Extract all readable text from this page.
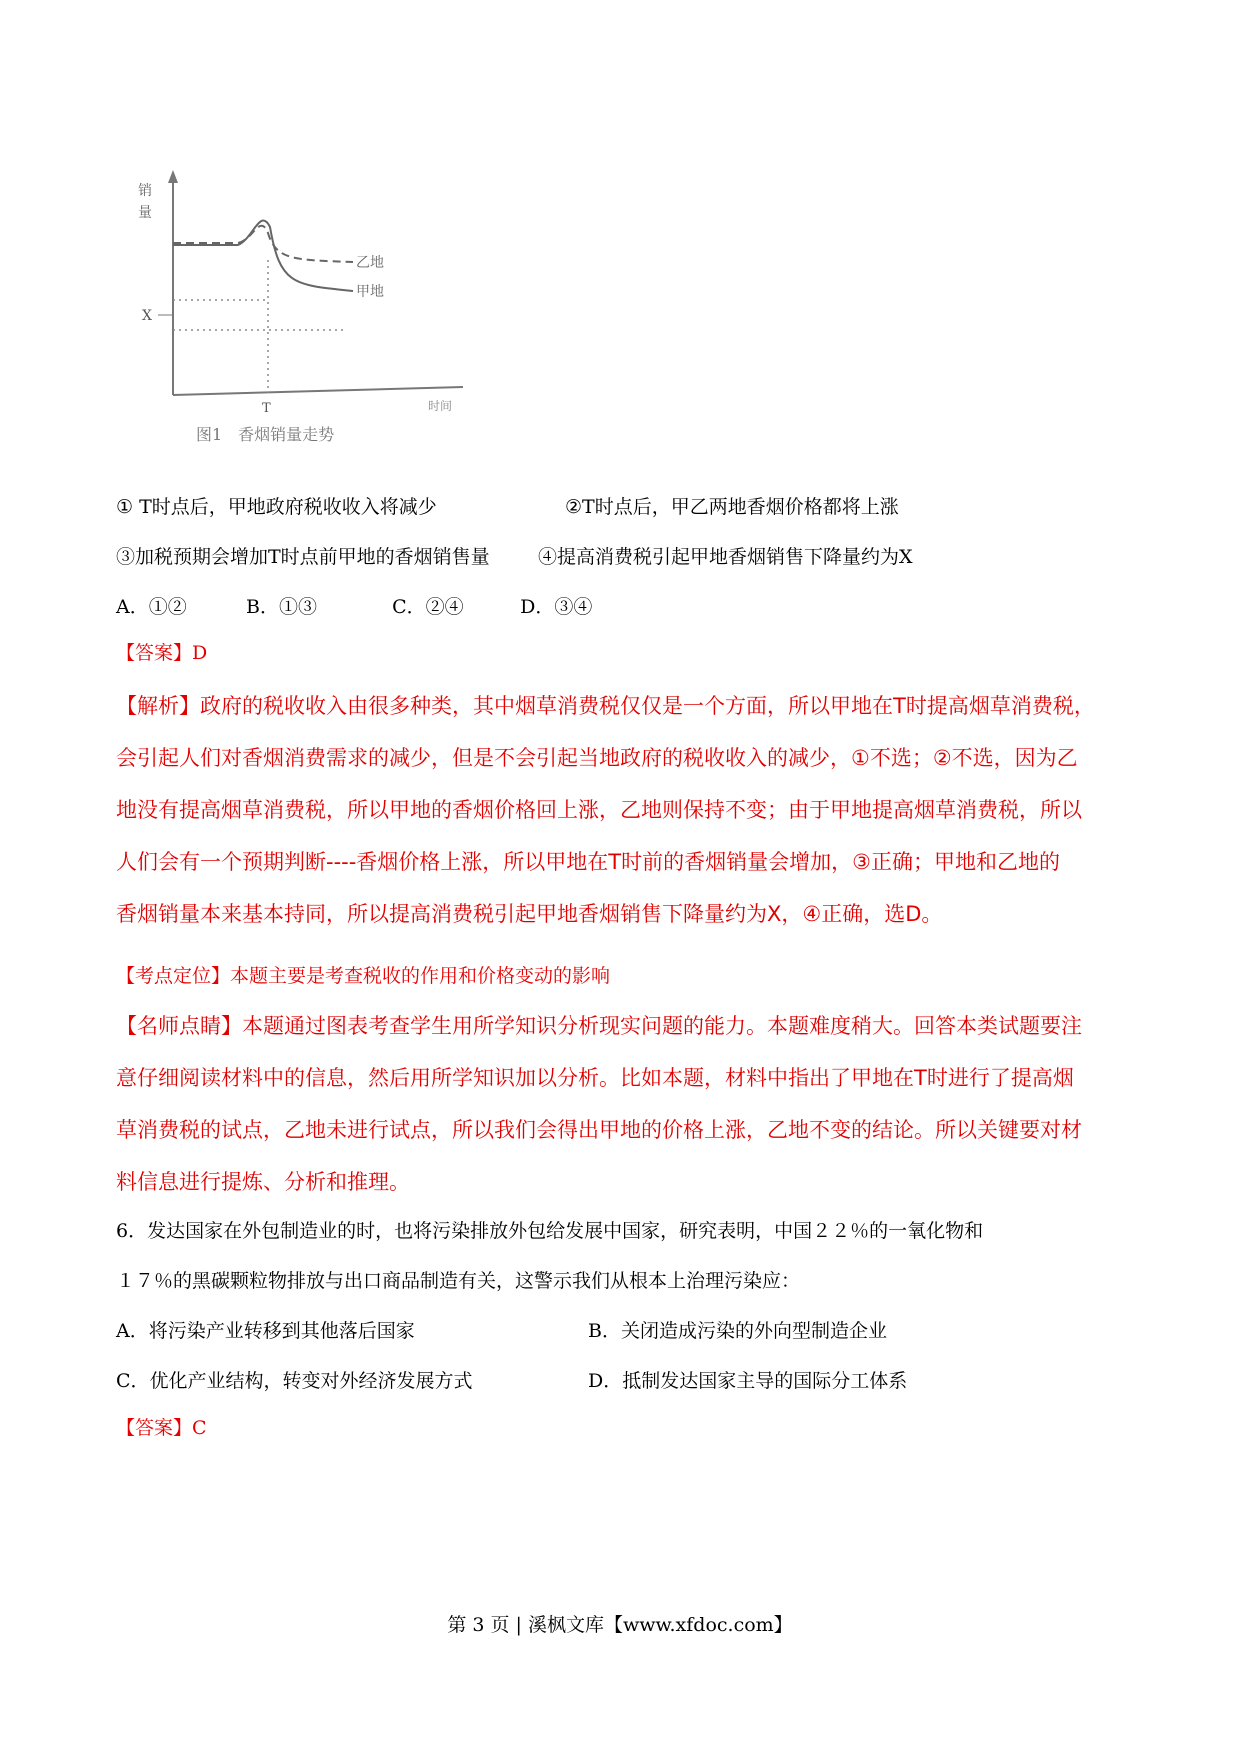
销
量
X
乙地
甲地
T	时间
图1　香烟销量走势
① T时点后，甲地政府税收收入将减少	②T时点后，甲乙两地香烟价格都将上涨
③加税预期会增加T时点前甲地的香烟销售量	④提高消费税引起甲地香烟销售下降量约为X
A．①②	B．①③	C．②④	D．③④
【答案】D

【解析】政府的税收收入由很多种类，其中烟草消费税仅仅是一个方面，所以甲地在T时提高烟草消费税，

会引起人们对香烟消费需求的减少，但是不会引起当地政府的税收收入的减少，①不选；②不选，因为乙

地没有提高烟草消费税，所以甲地的香烟价格回上涨，乙地则保持不变；由于甲地提高烟草消费税，所以

人们会有一个预期判断----香烟价格上涨，所以甲地在T时前的香烟销量会增加，③正确；甲地和乙地的

香烟销量本来基本持同，所以提高消费税引起甲地香烟销售下降量约为X，④正确，选D。

【考点定位】本题主要是考查税收的作用和价格变动的影响

【名师点睛】本题通过图表考查学生用所学知识分析现实问题的能力。本题难度稍大。回答本类试题要注

意仔细阅读材料中的信息，然后用所学知识加以分析。比如本题，材料中指出了甲地在T时进行了提高烟

草消费税的试点，乙地未进行试点，所以我们会得出甲地的价格上涨，乙地不变的结论。所以关键要对材

料信息进行提炼、分析和推理。

6．发达国家在外包制造业的时，也将污染排放外包给发展中国家，研究表明，中国２２％的一氧化物和
１７％的黑碳颗粒物排放与出口商品制造有关，这警示我们从根本上治理污染应：
A．将污染产业转移到其他落后国家	B．关闭造成污染的外向型制造企业
C．优化产业结构，转变对外经济发展方式	D．抵制发达国家主导的国际分工体系
【答案】C
第 3 页 | 溪枫文库【www.xfdoc.com】
